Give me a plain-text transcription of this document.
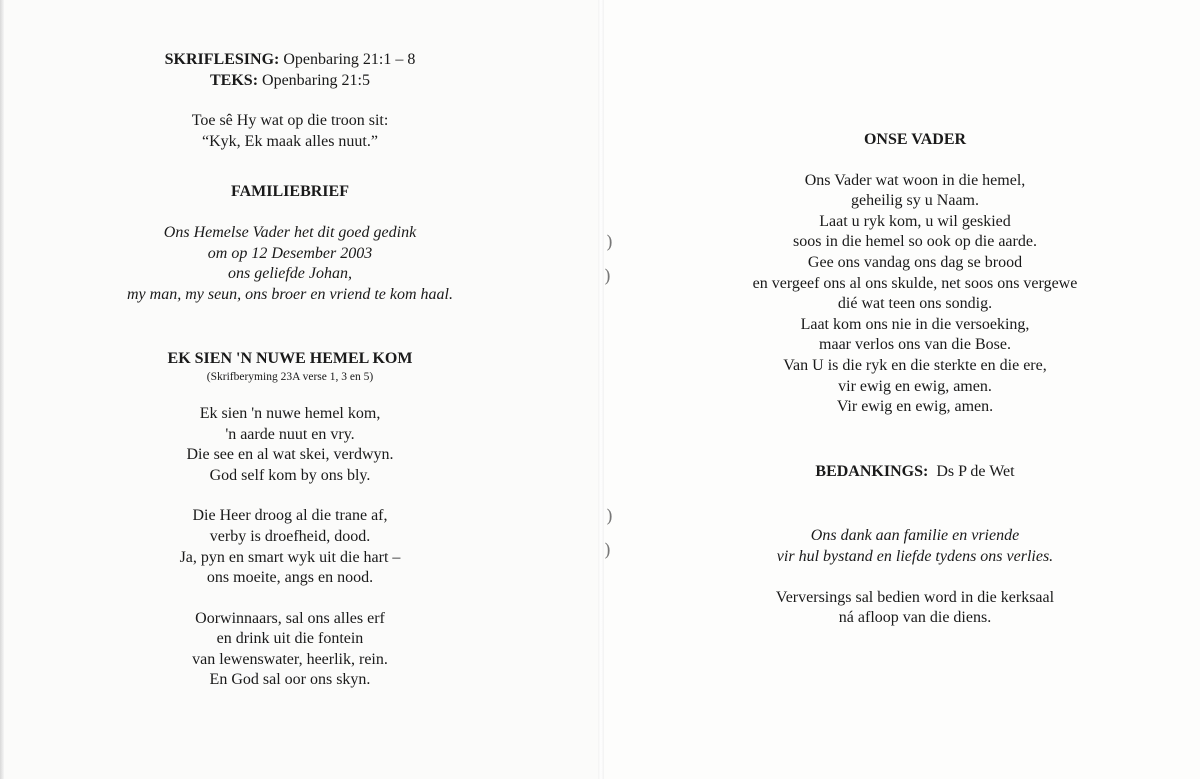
)
)
)
)
SKRIFLESING: Openbaring 21:1 – 8
TEKS: Openbaring 21:5
Toe sê Hy wat op die troon sit:
“Kyk, Ek maak alles nuut.”
FAMILIEBRIEF
Ons Hemelse Vader het dit goed gedink
om op 12 Desember 2003
ons geliefde Johan,
my man, my seun, ons broer en vriend te kom haal.
EK SIEN 'N NUWE HEMEL KOM
(Skrifberyming 23A verse 1, 3 en 5)
Ek sien 'n nuwe hemel kom,
'n aarde nuut en vry.
Die see en al wat skei, verdwyn.
God self kom by ons bly.
Die Heer droog al die trane af,
verby is droefheid, dood.
Ja, pyn en smart wyk uit die hart –
ons moeite, angs en nood.
Oorwinnaars, sal ons alles erf
en drink uit die fontein
van lewenswater, heerlik, rein.
En God sal oor ons skyn.
ONSE VADER
Ons Vader wat woon in die hemel,
geheilig sy u Naam.
Laat u ryk kom, u wil geskied
soos in die hemel so ook op die aarde.
Gee ons vandag ons dag se brood
en vergeef ons al ons skulde, net soos ons vergewe
dié wat teen ons sondig.
Laat kom ons nie in die versoeking,
maar verlos ons van die Bose.
Van U is die ryk en die sterkte en die ere,
vir ewig en ewig, amen.
Vir ewig en ewig, amen.
BEDANKINGS: Ds P de Wet
Ons dank aan familie en vriende
vir hul bystand en liefde tydens ons verlies.
Verversings sal bedien word in die kerksaal
ná afloop van die diens.
